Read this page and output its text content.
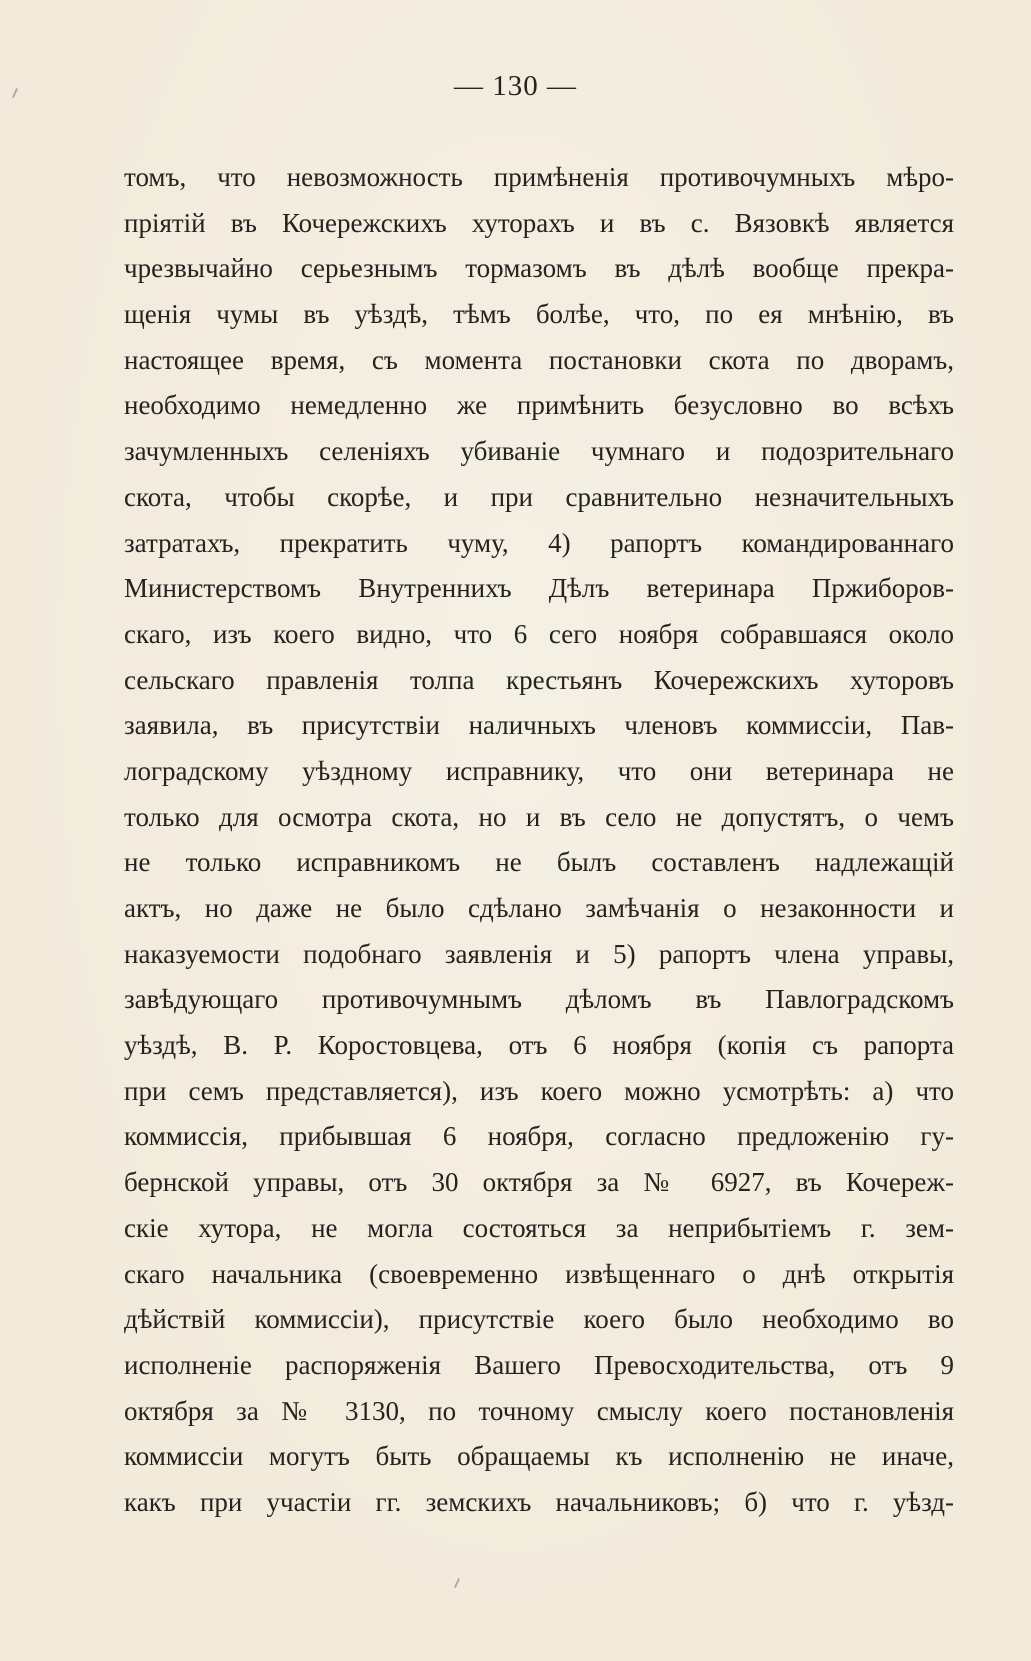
— 130 —
томъ, что невозможность примѣненія противочумныхъ мѣро-
пріятій въ Кочережскихъ хуторахъ и въ с. Вязовкѣ является
чрезвычайно серьезнымъ тормазомъ въ дѣлѣ вообще прекра-
щенія чумы въ уѣздѣ, тѣмъ болѣе, что, по ея мнѣнію, въ
настоящее время, съ момента постановки скота по дворамъ,
необходимо немедленно же примѣнить безусловно во всѣхъ
зачумленныхъ селеніяхъ убиваніе чумнаго и подозрительнаго
скота, чтобы скорѣе, и при сравнительно незначительныхъ
затратахъ, прекратить чуму, 4) рапортъ командированнаго
Министерствомъ Внутреннихъ Дѣлъ ветеринара Пржиборов-
скаго, изъ коего видно, что 6 сего ноября собравшаяся около
сельскаго правленія толпа крестьянъ Кочережскихъ хуторовъ
заявила, въ присутствіи наличныхъ членовъ коммиссіи, Пав-
лоградскому уѣздному исправнику, что они ветеринара не
только для осмотра скота, но и въ село не допустятъ, о чемъ
не только исправникомъ не былъ составленъ надлежащій
актъ, но даже не было сдѣлано замѣчанія о незаконности и
наказуемости подобнаго заявленія и 5) рапортъ члена управы,
завѣдующаго противочумнымъ дѣломъ въ Павлоградскомъ
уѣздѣ, В. Р. Коростовцева, отъ 6 ноября (копія съ рапорта
при семъ представляется), изъ коего можно усмотрѣть: а) что
коммиссія, прибывшая 6 ноября, согласно предложенію гу-
бернской управы, отъ 30 октября за № 6927, въ Кочереж-
скіе хутора, не могла состояться за неприбытіемъ г. зем-
скаго начальника (своевременно извѣщеннаго о днѣ открытія
дѣйствій коммиссіи), присутствіе коего было необходимо во
исполненіе распоряженія Вашего Превосходительства, отъ 9
октября за № 3130, по точному смыслу коего постановленія
коммиссіи могутъ быть обращаемы къ исполненію не иначе,
какъ при участіи гг. земскихъ начальниковъ; б) что г. уѣзд-
